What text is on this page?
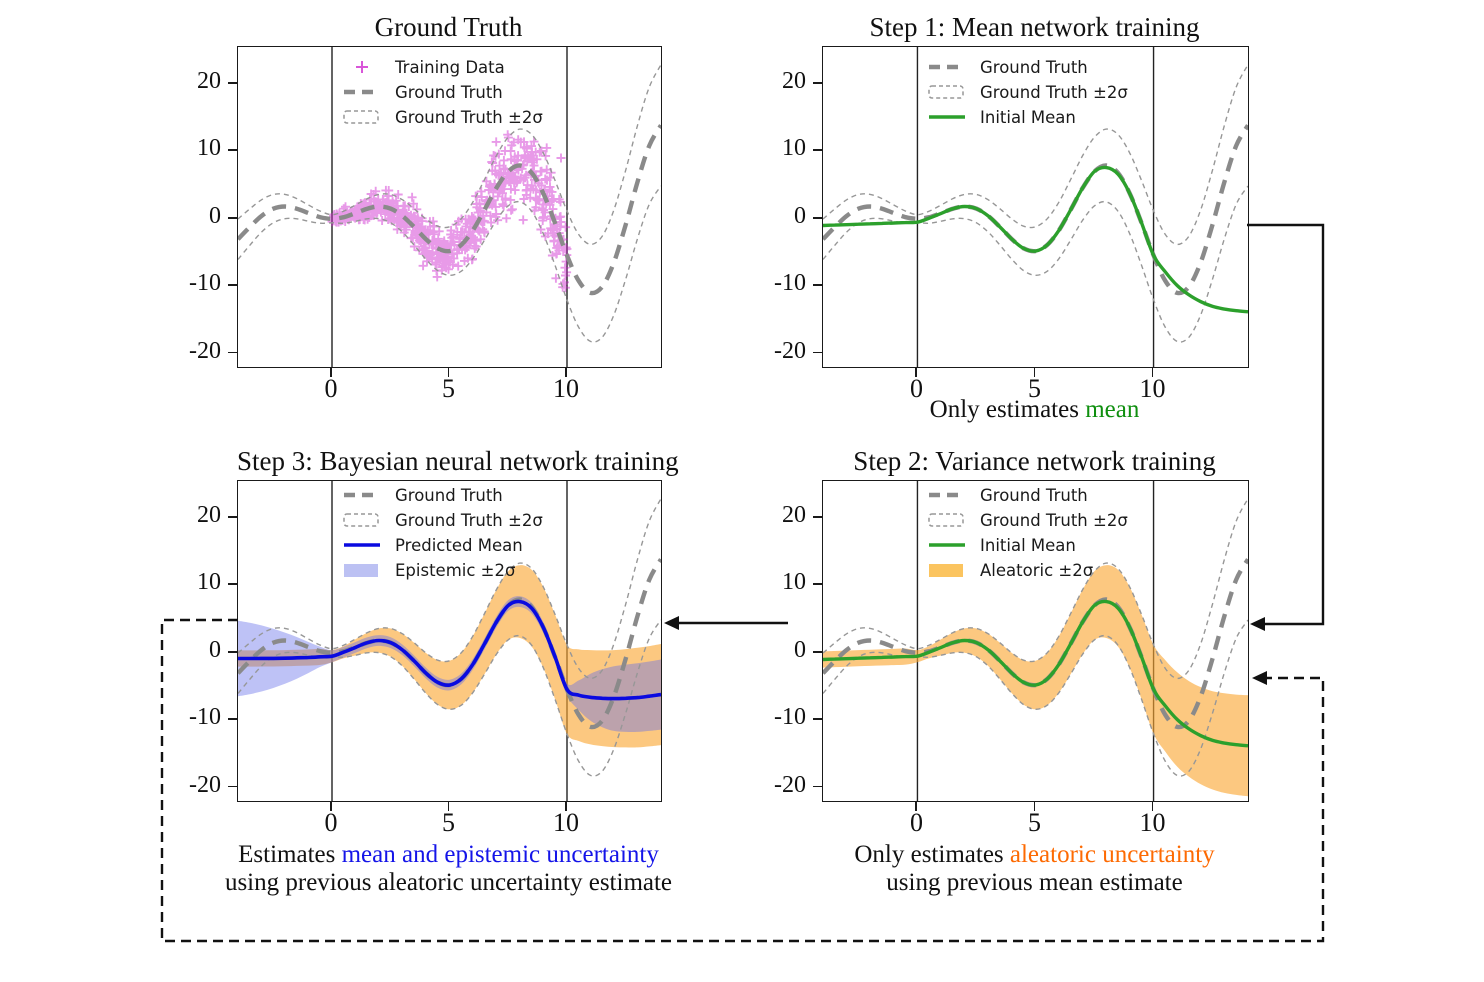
Ground Truth	Step 1: Mean network training
Step 3: Bayesian neural network training	Step 2: Variance network training
Training Data
Ground Truth
Ground Truth ±2σ
Ground Truth
Ground Truth ±2σ
Initial Mean
Ground Truth
Ground Truth ±2σ
Predicted Mean
Epistemic ±2σ
Ground Truth
Ground Truth ±2σ
Initial Mean
Aleatoric ±2σ
Only estimates mean
Estimates mean and epistemic uncertainty
using previous aleatoric uncertainty estimate
Only estimates aleatoric uncertainty
using previous mean estimate
20
10
0
-10
-20
0	5	10
20
10
0
-10
-20
0	5	10
20
10
0
-10
-20
0	5	10
20
10
0
-10
-20
0	5	10
